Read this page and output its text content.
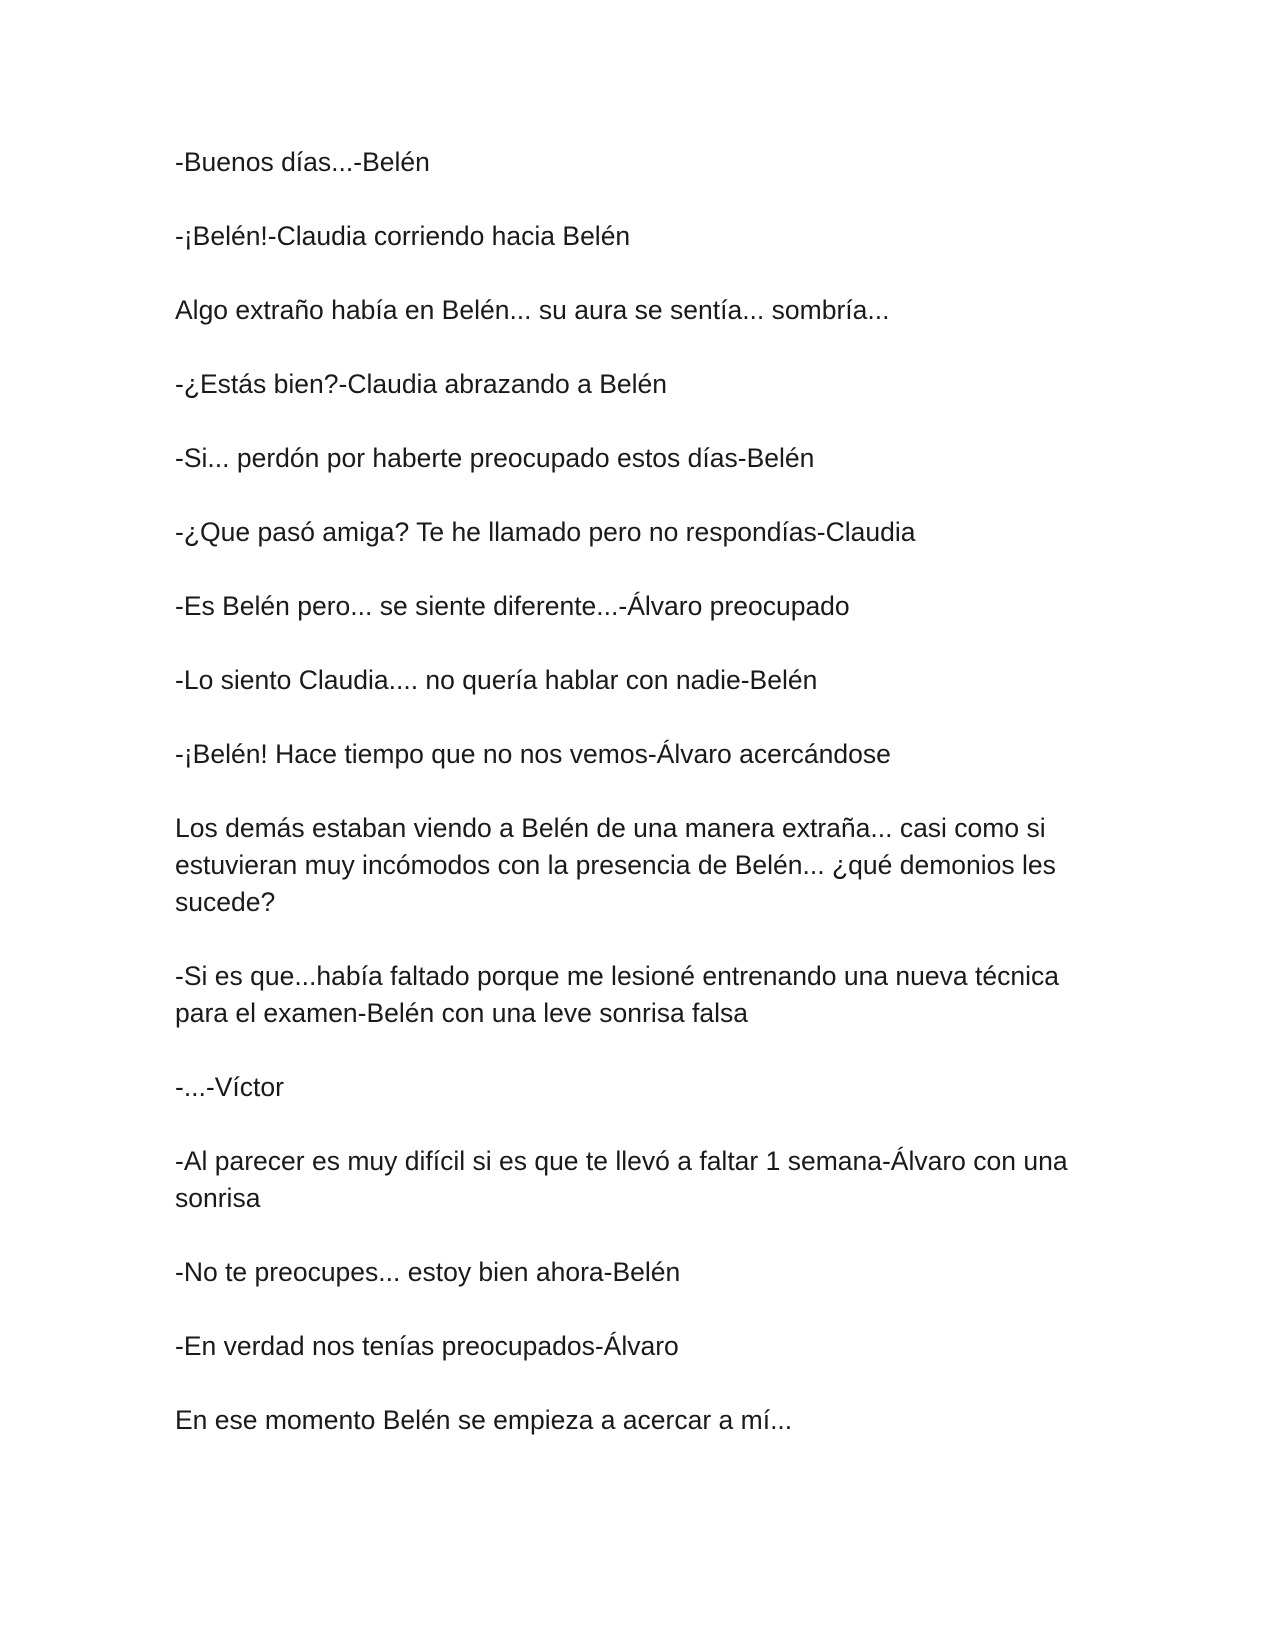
-Buenos días...-Belén

-¡Belén!-Claudia corriendo hacia Belén

Algo extraño había en Belén... su aura se sentía... sombría...

-¿Estás bien?-Claudia abrazando a Belén

-Si... perdón por haberte preocupado estos días-Belén

-¿Que pasó amiga? Te he llamado pero no respondías-Claudia

-Es Belén pero... se siente diferente...-Álvaro preocupado

-Lo siento Claudia.... no quería hablar con nadie-Belén

-¡Belén! Hace tiempo que no nos vemos-Álvaro acercándose

Los demás estaban viendo a Belén de una manera extraña... casi como si estuvieran muy incómodos con la presencia de Belén... ¿qué demonios les sucede?

-Si es que...había faltado porque me lesioné entrenando una nueva técnica para el examen-Belén con una leve sonrisa falsa

-...-Víctor

-Al parecer es muy difícil si es que te llevó a faltar 1 semana-Álvaro con una sonrisa

-No te preocupes... estoy bien ahora-Belén

-En verdad nos tenías preocupados-Álvaro

En ese momento Belén se empieza a acercar a mí...
